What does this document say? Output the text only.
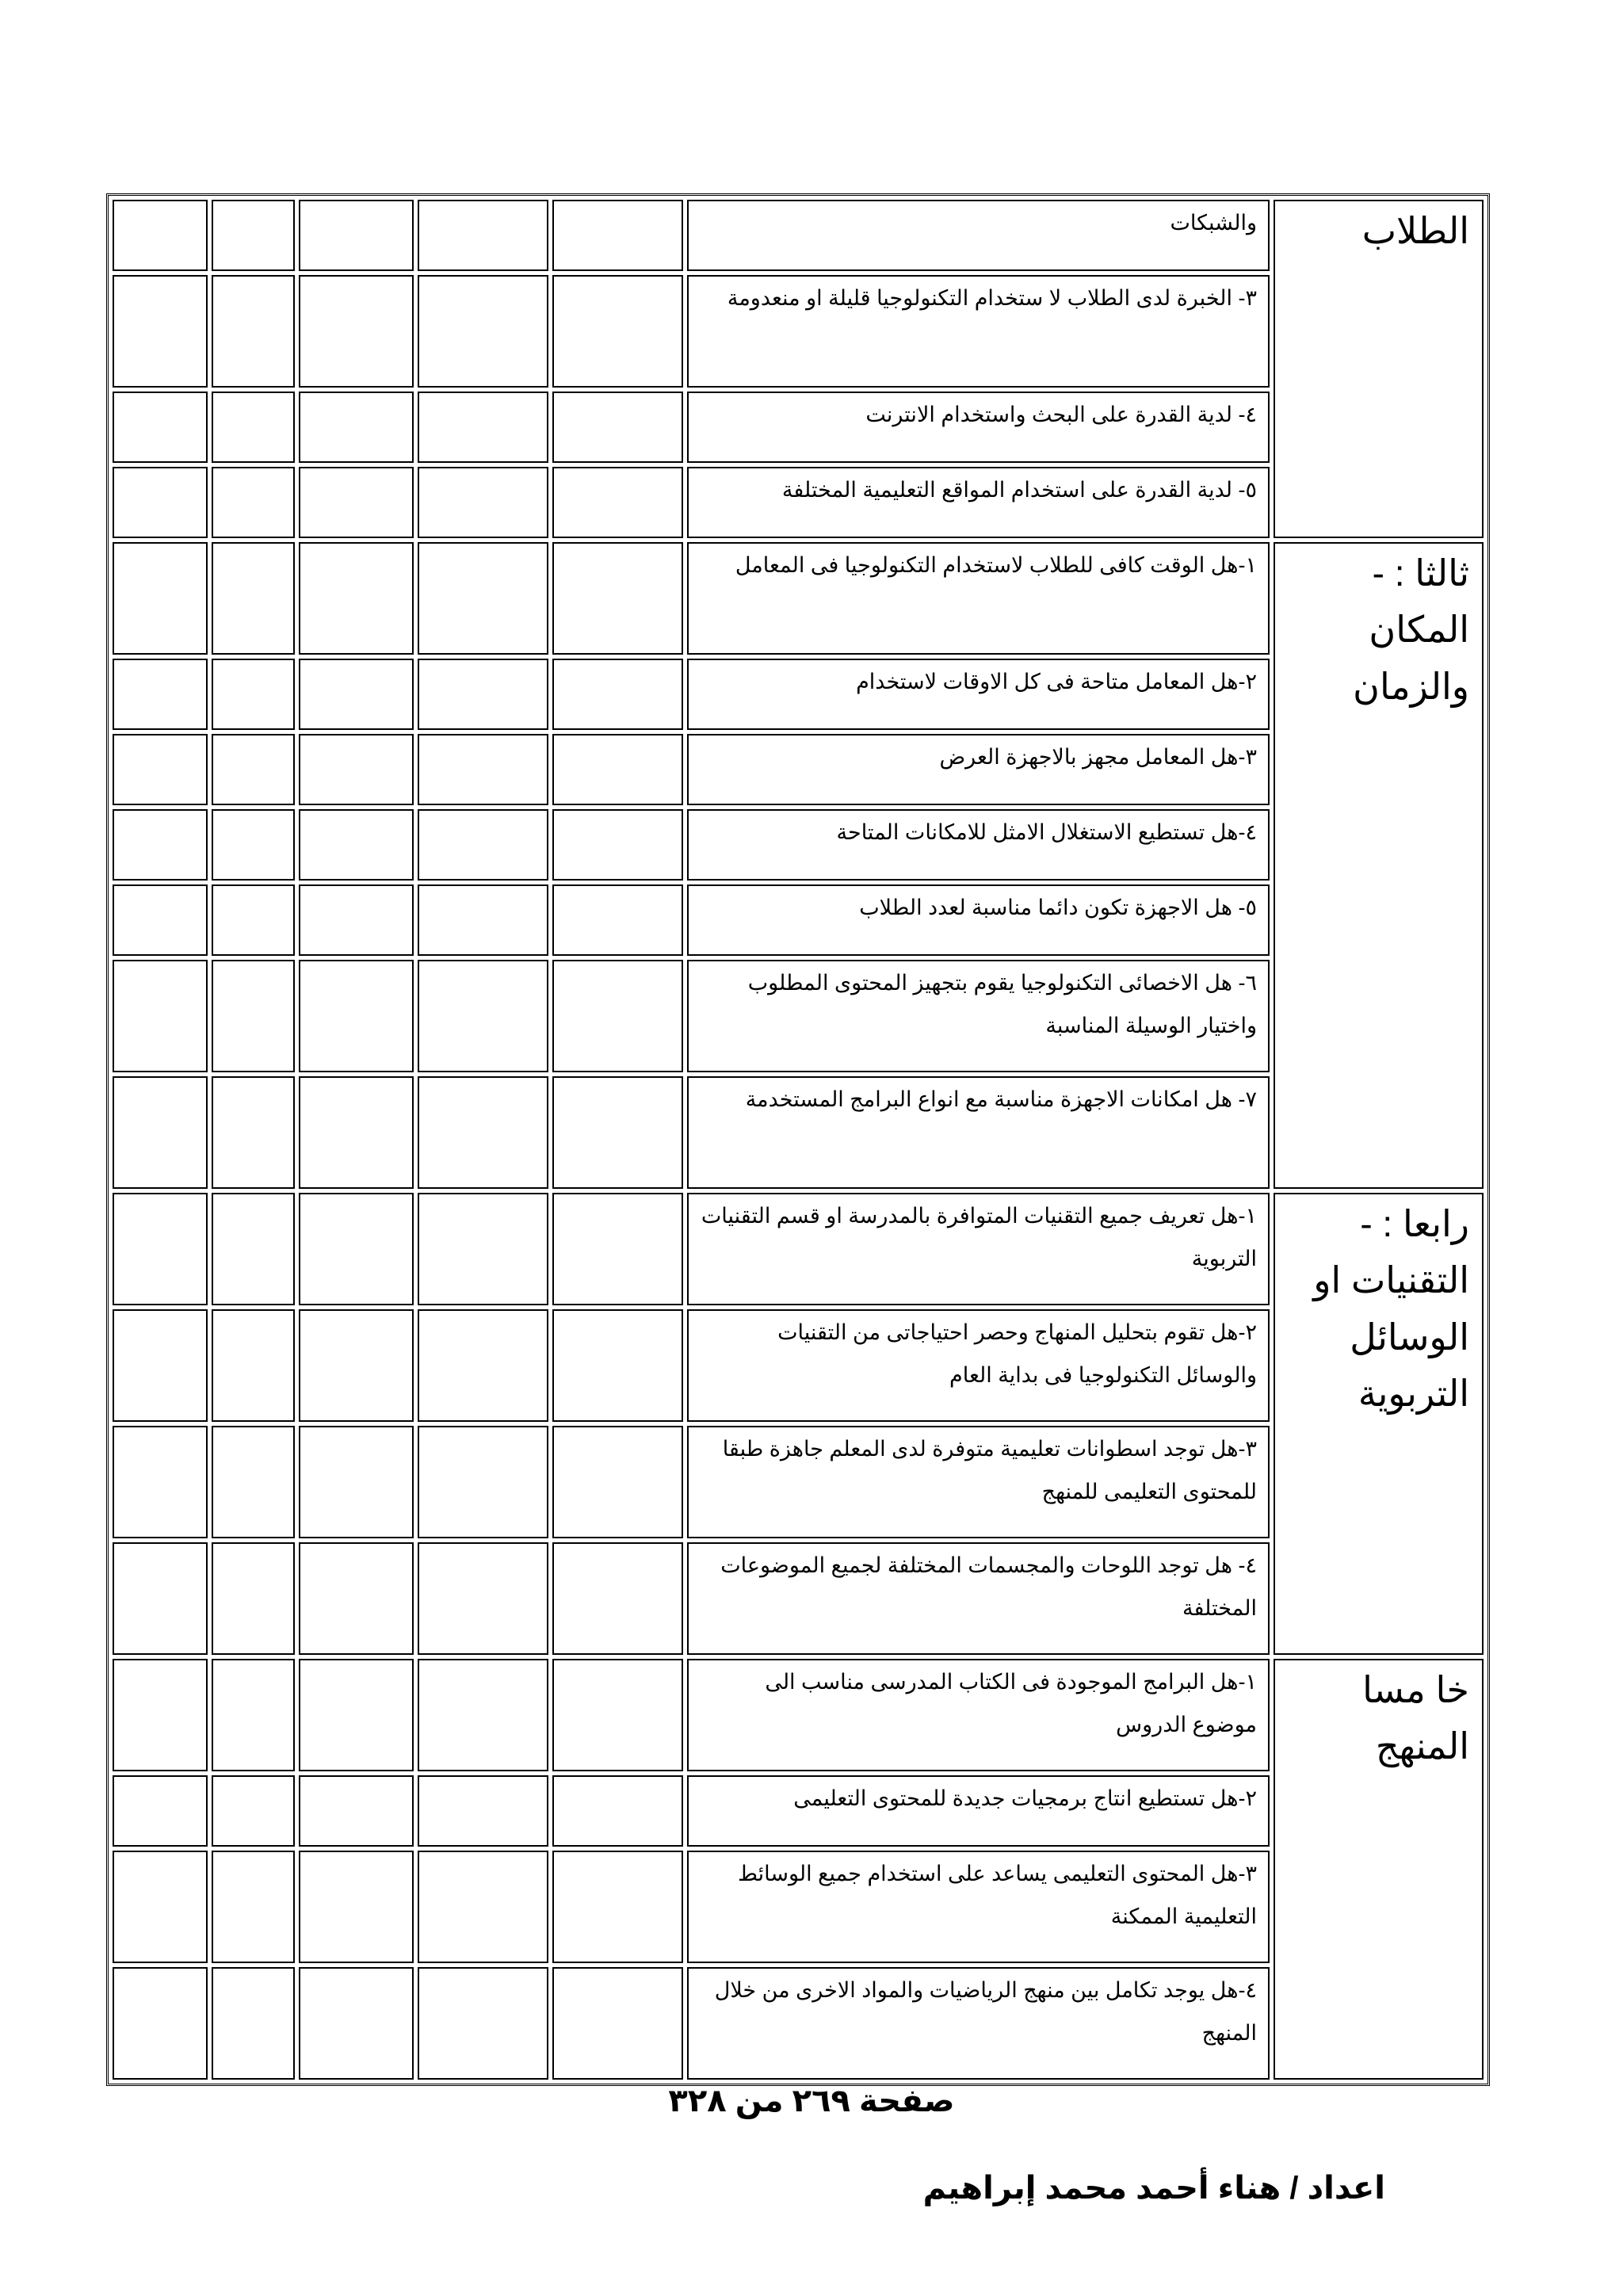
الطلاب	والشبكات					
	٣- الخبرة لدى الطلاب لا ستخدام التكنولوجيا قليلة او منعدومة					
	٤- لدية القدرة على البحث واستخدام الانترنت					
	٥- لدية القدرة على استخدام المواقع التعليمية المختلفة					

ثالثا : -
المكان
والزمان	١-هل الوقت كافى للطلاب لاستخدام التكنولوجيا فى المعامل					
	٢-هل المعامل متاحة فى كل الاوقات لاستخدام					
	٣-هل المعامل مجهز بالاجهزة العرض					
	٤-هل تستطيع الاستغلال الامثل للامكانات المتاحة					
	٥- هل الاجهزة تكون دائما مناسبة لعدد الطلاب					
	٦- هل الاخصائى التكنولوجيا يقوم بتجهيز المحتوى المطلوب واختيار الوسيلة المناسبة					
	٧- هل امكانات الاجهزة مناسبة مع انواع البرامج المستخدمة					

رابعا : -
التقنيات او
الوسائل
التربوية	١-هل تعريف جميع التقنيات المتوافرة بالمدرسة او قسم التقنيات التربوية					
	٢-هل تقوم بتحليل المنهاج وحصر احتياجاتى من التقنيات والوسائل التكنولوجيا فى بداية العام					
	٣-هل توجد اسطوانات تعليمية متوفرة لدى المعلم جاهزة طبقا للمحتوى التعليمى للمنهج					
	٤- هل توجد اللوحات والمجسمات المختلفة لجميع الموضوعات المختلفة					

خا مسا
المنهج	١-هل البرامج الموجودة فى الكتاب المدرسى مناسب الى موضوع الدروس					
	٢-هل تستطيع انتاج برمجيات جديدة للمحتوى التعليمى					
	٣-هل المحتوى التعليمى يساعد على استخدام جميع الوسائط التعليمية الممكنة					
	٤-هل يوجد تكامل بين منهج الرياضيات والمواد الاخرى من خلال المنهج					
صفحة ٢٦٩ من ٣٢٨
اعداد / هناء أحمد محمد إبراهيم
